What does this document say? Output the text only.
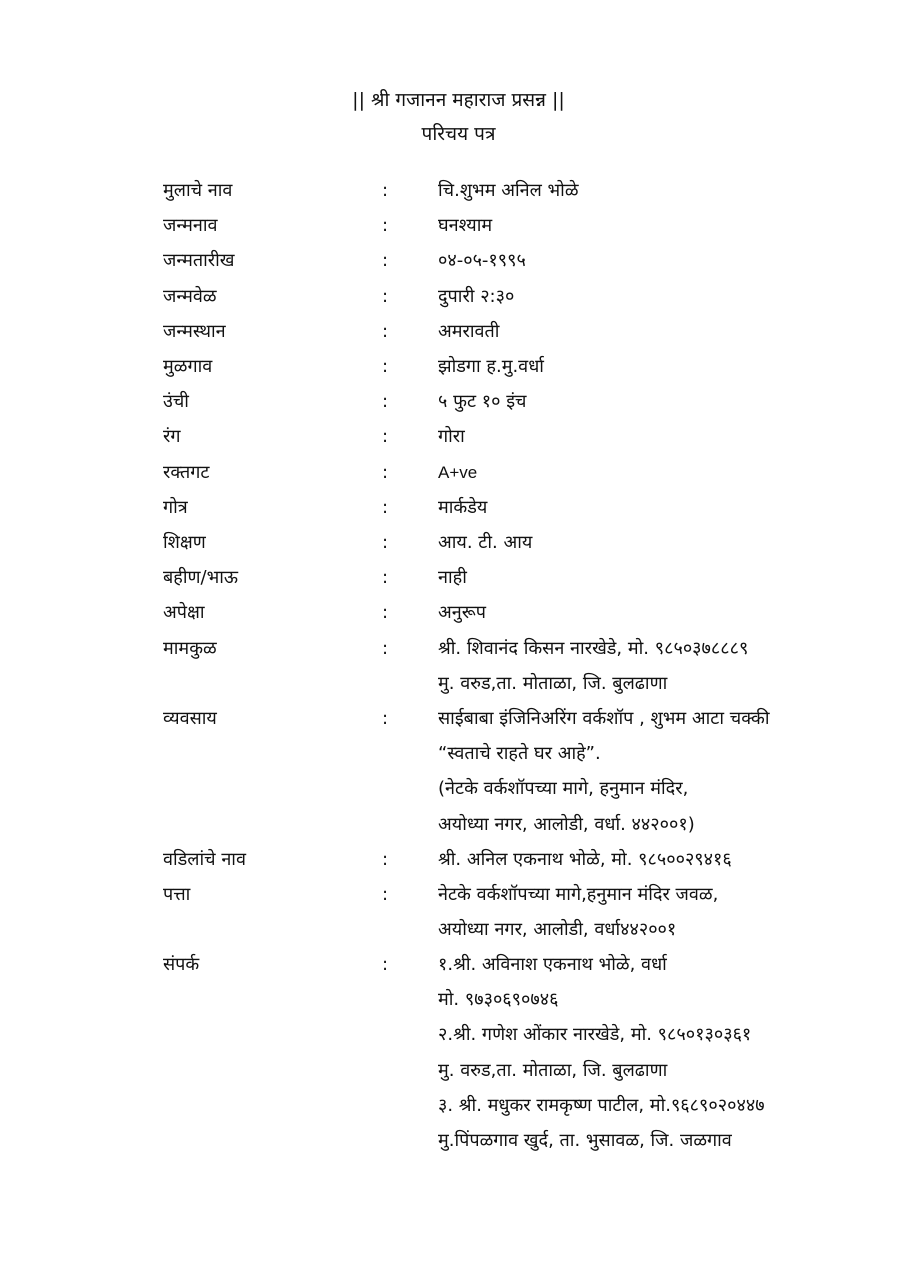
|| श्री गजानन महाराज प्रसन्न ||
परिचय पत्र
मुलाचे नाव	:	चि.शुभम अनिल भोळे
जन्मनाव	:	घनश्याम
जन्मतारीख	:	०४-०५-१९९५
जन्मवेळ	:	दुपारी २:३०
जन्मस्थान	:	अमरावती
मुळगाव	:	झोडगा ह.मु.वर्धा
उंची	:	५ फुट १० इंच
रंग	:	गोरा
रक्तगट	:	A+ve
गोत्र	:	मार्कडेय
शिक्षण	:	आय. टी. आय
बहीण/भाऊ	:	नाही
अपेक्षा	:	अनुरूप
मामकुळ	:	श्री. शिवानंद किसन नारखेडे, मो. ९८५०३७८८८९
मु. वरुड,ता. मोताळा, जि. बुलढाणा
व्यवसाय	:	साईबाबा इंजिनिअरिंग वर्कशॉप , शुभम आटा चक्की
“स्वताचे राहते घर आहे”.
(नेटके वर्कशॉपच्या मागे, हनुमान मंदिर,
अयोध्या नगर, आलोडी, वर्धा. ४४२००१)
वडिलांचे नाव	:	श्री. अनिल एकनाथ भोळे, मो. ९८५००२९४१६
पत्ता	:	नेटके वर्कशॉपच्या मागे,हनुमान मंदिर जवळ,
अयोध्या नगर, आलोडी, वर्धा४४२००१
संपर्क	:	१.श्री. अविनाश एकनाथ भोळे, वर्धा
मो. ९७३०६९०७४६
२.श्री. गणेश ओंकार नारखेडे, मो. ९८५०१३०३६१
मु. वरुड,ता. मोताळा, जि. बुलढाणा
३. श्री. मधुकर रामकृष्ण पाटील, मो.९६८९०२०४४७
मु.पिंपळगाव खुर्द, ता. भुसावळ, जि. जळगाव
